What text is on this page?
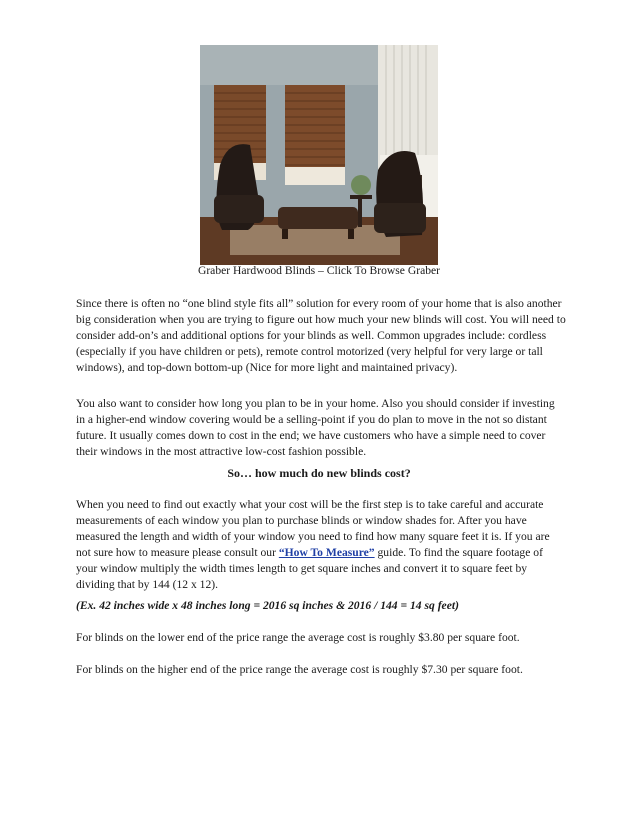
Graber Hardwood Blinds – Click To Browse Graber

Since there is often no “one blind style fits all” solution for every room of your home that is also another big consideration when you are trying to figure out how much your new blinds will cost. You will need to consider add-on’s and additional options for your blinds as well. Common upgrades include: cordless (especially if you have children or pets), remote control motorized (very helpful for very large or tall windows), and top-down bottom-up (Nice for more light and maintained privacy).

You also want to consider how long you plan to be in your home. Also you should consider if investing in a higher-end window covering would be a selling-point if you do plan to move in the not so distant future. It usually comes down to cost in the end; we have customers who have a simple need to cover their windows in the most attractive low-cost fashion possible.

So… how much do new blinds cost?

When you need to find out exactly what your cost will be the first step is to take careful and accurate measurements of each window you plan to purchase blinds or window shades for. After you have measured the length and width of your window you need to find how many square feet it is. If you are not sure how to measure please consult our “How To Measure” guide. To find the square footage of your window multiply the width times length to get square inches and convert it to square feet by dividing that by 144 (12 x 12).

(Ex. 42 inches wide x 48 inches long = 2016 sq inches & 2016 / 144 = 14 sq feet)

For blinds on the lower end of the price range the average cost is roughly $3.80 per square foot.

For blinds on the higher end of the price range the average cost is roughly $7.30 per square foot.
